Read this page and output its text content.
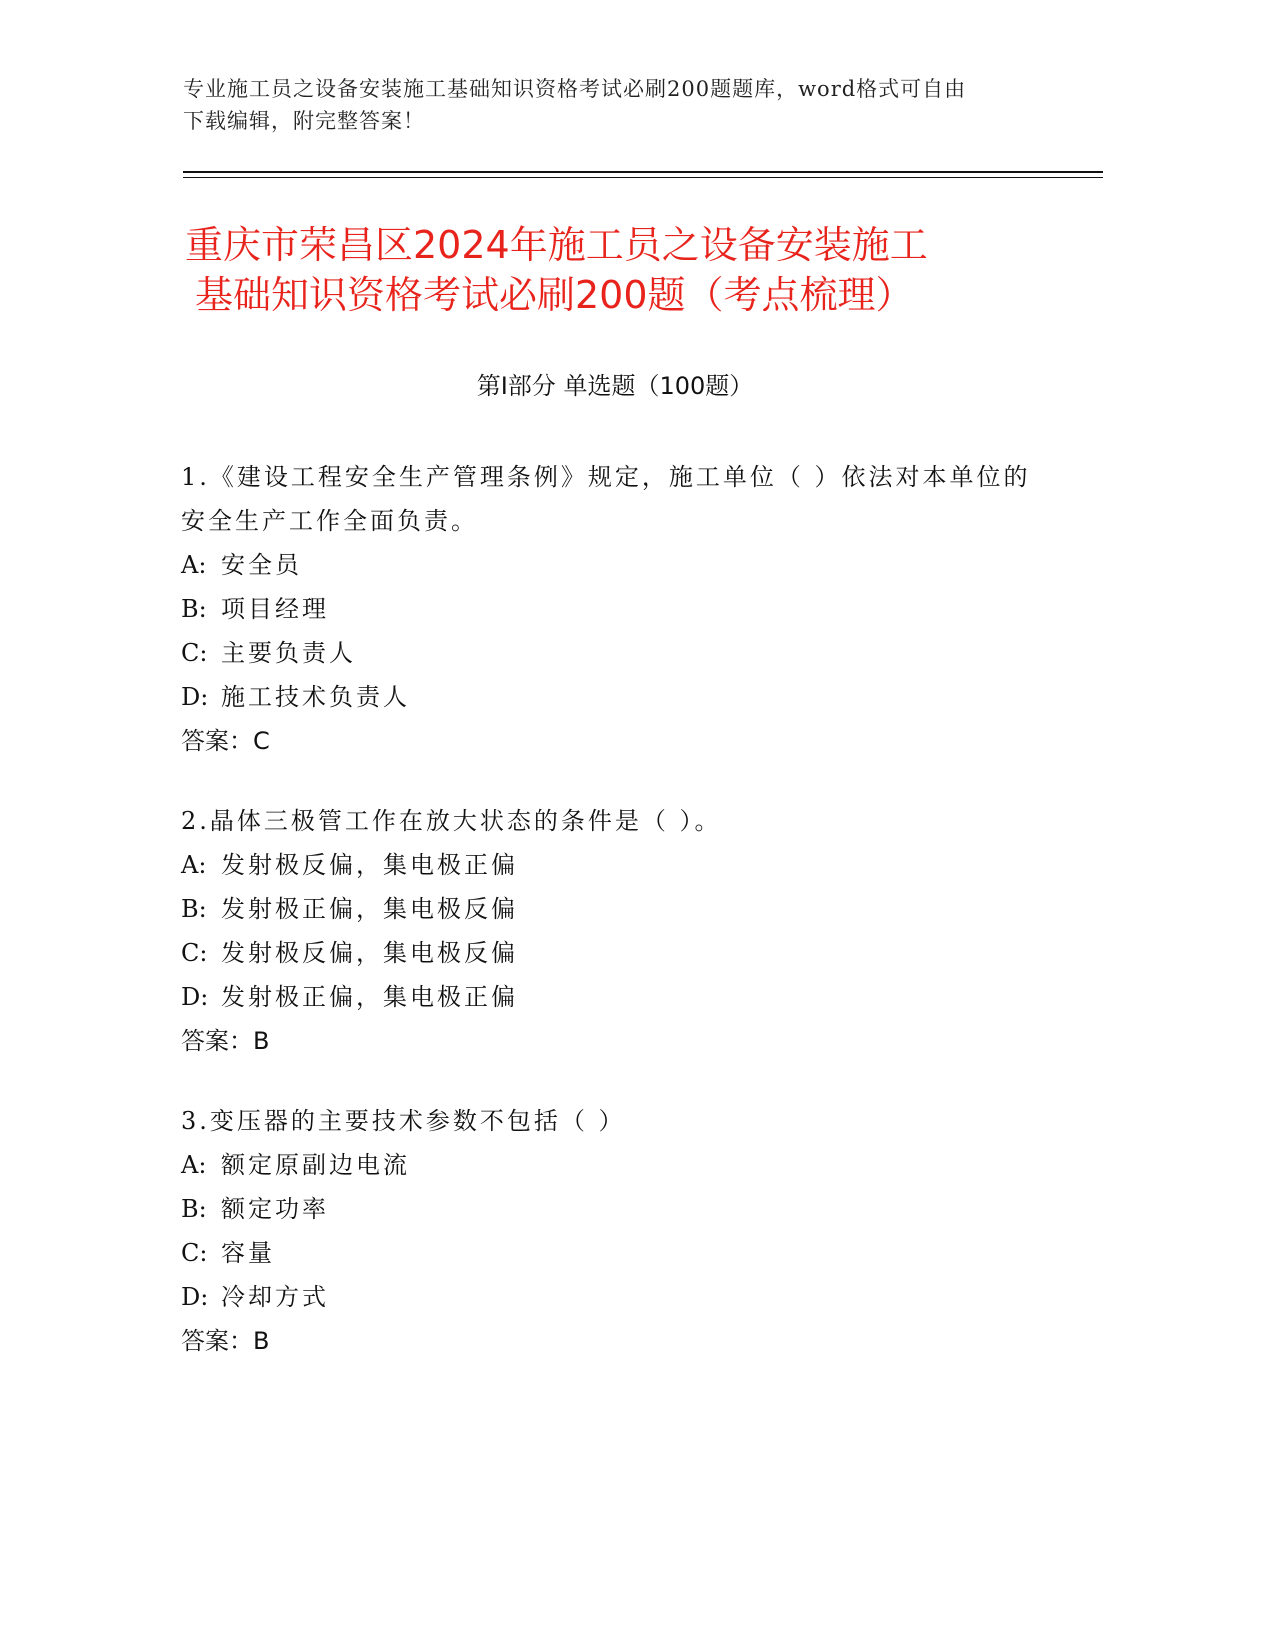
专业施工员之设备安装施工基础知识资格考试必刷200题题库，word格式可自由
下载编辑，附完整答案！
重庆市荣昌区2024年施工员之设备安装施工
基础知识资格考试必刷200题（考点梳理）
第Ⅰ部分 单选题（100题）
1.《建设工程安全生产管理条例》规定，施工单位（ ）依法对本单位的安全生产工作全面负责。
A: 安全员
B: 项目经理
C: 主要负责人
D: 施工技术负责人
答案：C
2.晶体三极管工作在放大状态的条件是（ ）。
A: 发射极反偏，集电极正偏
B: 发射极正偏，集电极反偏
C: 发射极反偏，集电极反偏
D: 发射极正偏，集电极正偏
答案：B
3.变压器的主要技术参数不包括（ ）
A: 额定原副边电流
B: 额定功率
C: 容量
D: 冷却方式
答案：B
